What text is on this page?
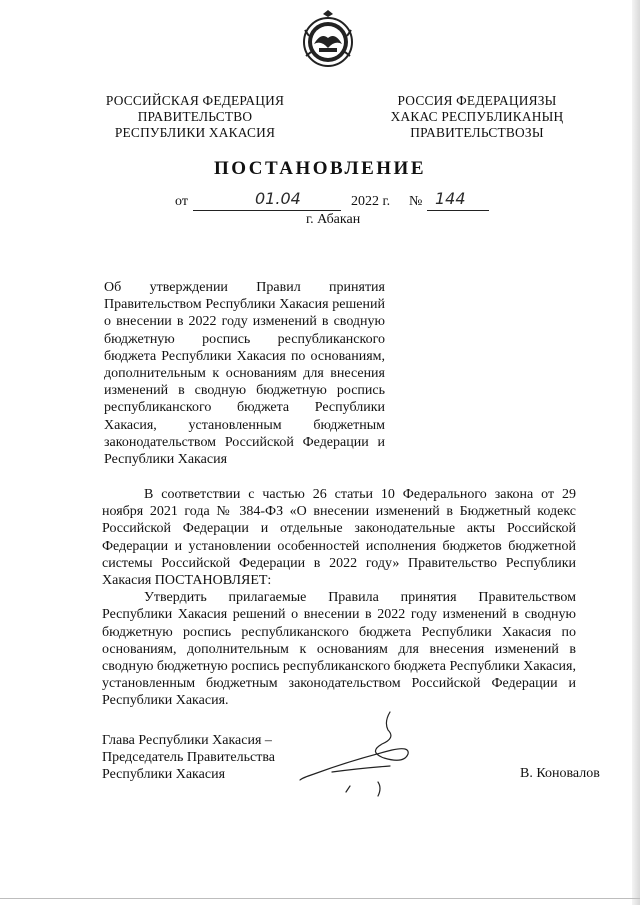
РОССИЙСКАЯ ФЕДЕРАЦИЯ
ПРАВИТЕЛЬСТВО
РЕСПУБЛИКИ ХАКАСИЯ
РОССИЯ ФЕДЕРАЦИЯЗЫ
ХАКАС РЕСПУБЛИКАНЫҢ
ПРАВИТЕЛЬСТВОЗЫ
ПОСТАНОВЛЕНИЕ
от	01.04	2022 г. № 144
г. Абакан
Об утверждении Правил принятия Правительством Республики Хакасия решений о внесении в 2022 году изменений в сводную бюджетную роспись республиканского бюджета Республики Хакасия по основаниям, дополнительным к основаниям для внесения изменений в сводную бюджетную роспись республиканского бюджета Республики Хакасия, установленным бюджетным законодательством Российской Федерации и Республики Хакасия

В соответствии с частью 26 статьи 10 Федерального закона от 29 ноября 2021 года № 384-ФЗ «О внесении изменений в Бюджетный кодекс Российской Федерации и отдельные законодательные акты Российской Федерации и установлении особенностей исполнения бюджетов бюджетной системы Российской Федерации в 2022 году» Правительство Республики Хакасия ПОСТАНОВЛЯЕТ:

Утвердить прилагаемые Правила принятия Правительством Республики Хакасия решений о внесении в 2022 году изменений в сводную бюджетную роспись республиканского бюджета Республики Хакасия по основаниям, дополнительным к основаниям для внесения изменений в сводную бюджетную роспись республиканского бюджета Республики Хакасия, установленным бюджетным законодательством Российской Федерации и Республики Хакасия.

Глава Республики Хакасия –
Председатель Правительства
Республики Хакасия	В. Коновалов
